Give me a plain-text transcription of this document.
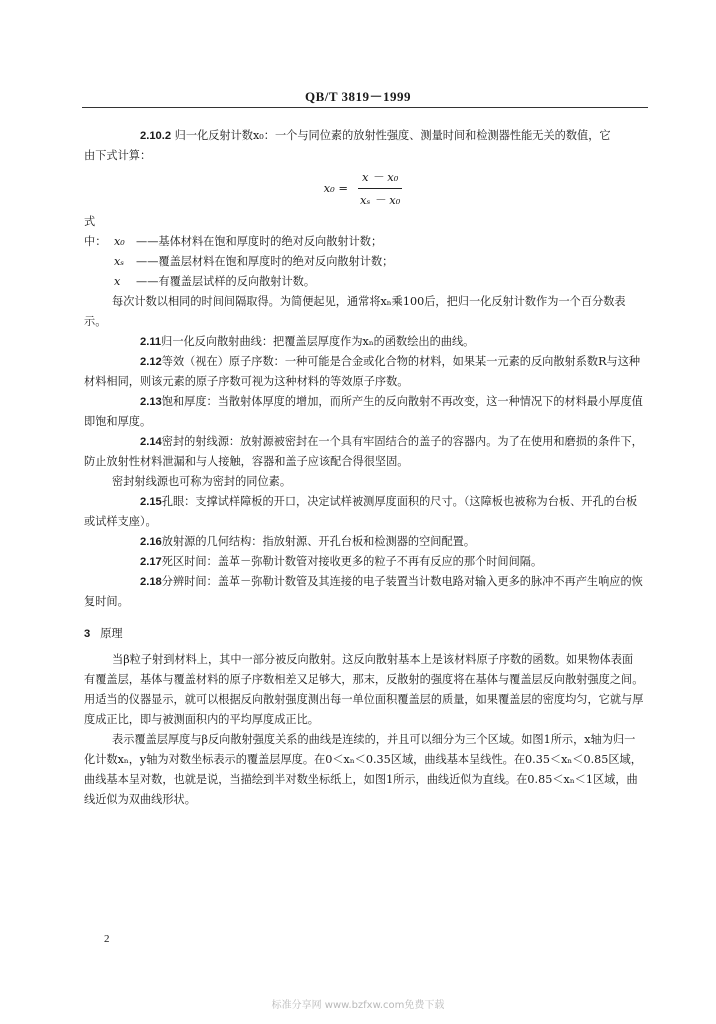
QB/T 3819－1999

2.10.2 归一化反射计数x₀：一个与同位素的放射性强度、测量时间和检测器性能无关的数值，它

由下式计算：

$x_0 = \frac{\text{x － x₀}}{\text{xₛ － x₀}}$

式中： x₀ ——基体材料在饱和厚度时的绝对反向散射计数；

xₛ ——覆盖层材料在饱和厚度时的绝对反向散射计数；

x ——有覆盖层试样的反向散射计数。

每次计数以相同的时间间隔取得。为简便起见，通常将xₙ乘100后，把归一化反射计数作为一个百分数表示。

2.11归一化反向散射曲线：把覆盖层厚度作为xₙ的函数绘出的曲线。

2.12等效（视在）原子序数：一种可能是合金或化合物的材料，如果某一元素的反向散射系数R与这种材料相同，则该元素的原子序数可视为这种材料的等效原子序数。

2.13饱和厚度：当散射体厚度的增加，而所产生的反向散射不再改变，这一种情况下的材料最小厚度值即饱和厚度。

2.14密封的射线源：放射源被密封在一个具有牢固结合的盖子的容器内。为了在使用和磨损的条件下，防止放射性材料泄漏和与人接触，容器和盖子应该配合得很坚固。

密封射线源也可称为密封的同位素。

2.15孔眼：支撑试样障板的开口，决定试样被测厚度面积的尺寸。（这障板也被称为台板、开孔的台板或试样支座）。

2.16放射源的几何结构：指放射源、开孔台板和检测器的空间配置。

2.17死区时间：盖革－弥勒计数管对接收更多的粒子不再有反应的那个时间间隔。

2.18分辨时间：盖革－弥勒计数管及其连接的电子装置当计数电路对输入更多的脉冲不再产生响应的恢复时间。

3 原理

当β粒子射到材料上，其中一部分被反向散射。这反向散射基本上是该材料原子序数的函数。如果物体表面有覆盖层，基体与覆盖材料的原子序数相差又足够大，那末，反散射的强度将在基体与覆盖层反向散射强度之间。用适当的仪器显示，就可以根据反向散射强度测出每一单位面积覆盖层的质量，如果覆盖层的密度均匀，它就与厚度成正比，即与被测面积内的平均厚度成正比。

表示覆盖层厚度与β反向散射强度关系的曲线是连续的，并且可以细分为三个区域。如图1所示，x轴为归一化计数xₙ，y轴为对数坐标表示的覆盖层厚度。在0＜xₙ＜0.35区域，曲线基本呈线性。在0.35＜xₙ＜0.85区域，曲线基本呈对数，也就是说，当描绘到半对数坐标纸上，如图1所示，曲线近似为直线。在0.85＜xₙ＜1区域，曲线近似为双曲线形状。

2
标准分享网 www.bzfxw.com免费下载
